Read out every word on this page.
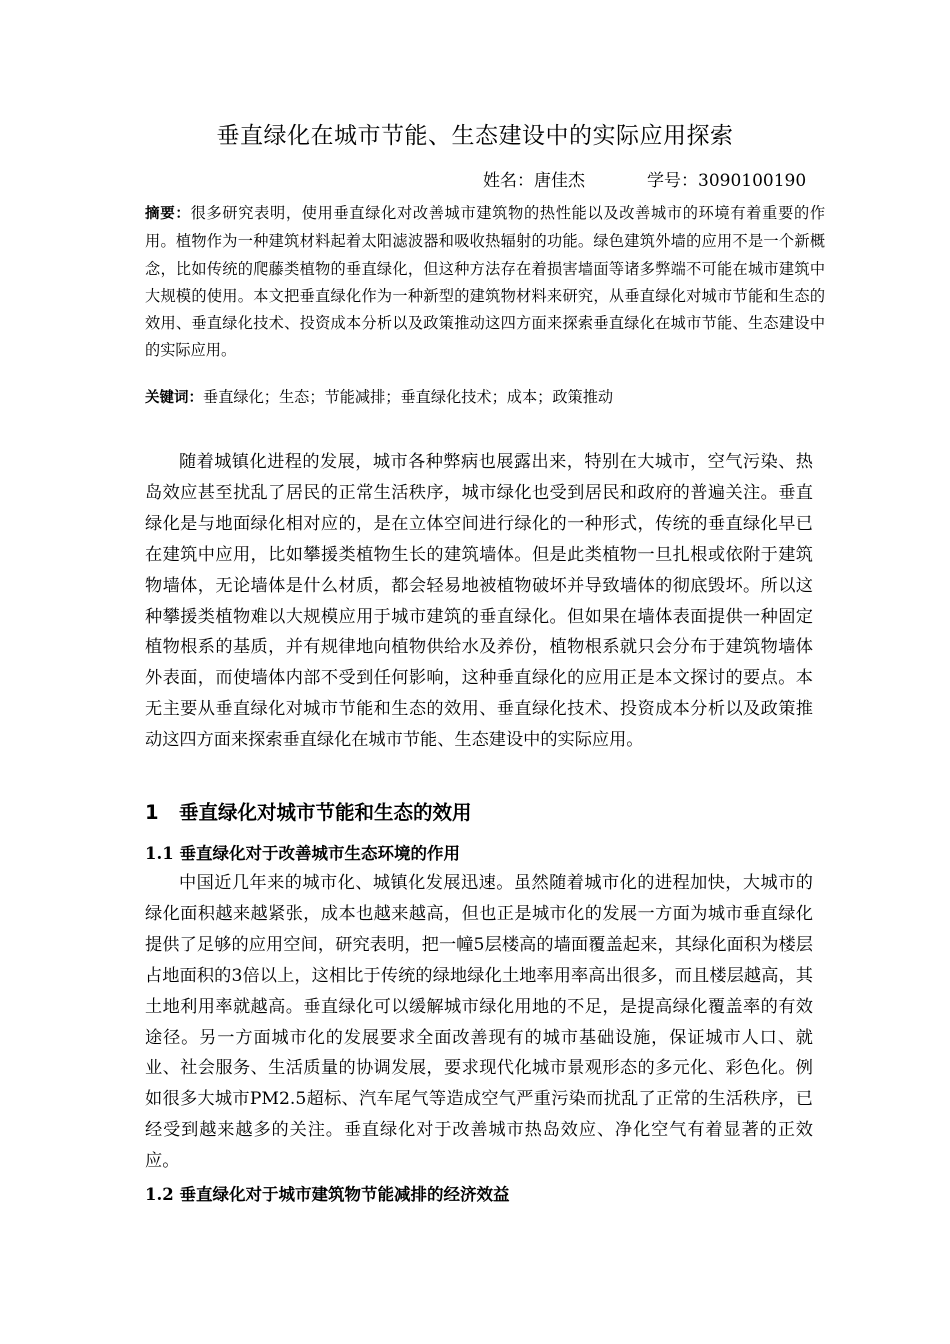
垂直绿化在城市节能、生态建设中的实际应用探索
姓名：唐佳杰	学号：3090100190

摘要：很多研究表明，使用垂直绿化对改善城市建筑物的热性能以及改善城市的环境有着重要的作用。植物作为一种建筑材料起着太阳滤波器和吸收热辐射的功能。绿色建筑外墙的应用不是一个新概念，比如传统的爬藤类植物的垂直绿化，但这种方法存在着损害墙面等诸多弊端不可能在城市建筑中大规模的使用。本文把垂直绿化作为一种新型的建筑物材料来研究，从垂直绿化对城市节能和生态的效用、垂直绿化技术、投资成本分析以及政策推动这四方面来探索垂直绿化在城市节能、生态建设中的实际应用。

关键词：垂直绿化；生态；节能减排；垂直绿化技术；成本；政策推动

随着城镇化进程的发展，城市各种弊病也展露出来，特别在大城市，空气污染、热岛效应甚至扰乱了居民的正常生活秩序，城市绿化也受到居民和政府的普遍关注。垂直绿化是与地面绿化相对应的，是在立体空间进行绿化的一种形式，传统的垂直绿化早已在建筑中应用，比如攀援类植物生长的建筑墙体。但是此类植物一旦扎根或依附于建筑物墙体，无论墙体是什么材质，都会轻易地被植物破坏并导致墙体的彻底毁坏。所以这种攀援类植物难以大规模应用于城市建筑的垂直绿化。但如果在墙体表面提供一种固定植物根系的基质，并有规律地向植物供给水及养份，植物根系就只会分布于建筑物墙体外表面，而使墙体内部不受到任何影响，这种垂直绿化的应用正是本文探讨的要点。本无主要从垂直绿化对城市节能和生态的效用、垂直绿化技术、投资成本分析以及政策推动这四方面来探索垂直绿化在城市节能、生态建设中的实际应用。

1 垂直绿化对城市节能和生态的效用
1.1 垂直绿化对于改善城市生态环境的作用

中国近几年来的城市化、城镇化发展迅速。虽然随着城市化的进程加快，大城市的绿化面积越来越紧张，成本也越来越高，但也正是城市化的发展一方面为城市垂直绿化提供了足够的应用空间，研究表明，把一幢5层楼高的墙面覆盖起来，其绿化面积为楼层占地面积的3倍以上，这相比于传统的绿地绿化土地率用率高出很多，而且楼层越高，其土地利用率就越高。垂直绿化可以缓解城市绿化用地的不足，是提高绿化覆盖率的有效途径。另一方面城市化的发展要求全面改善现有的城市基础设施，保证城市人口、就业、社会服务、生活质量的协调发展，要求现代化城市景观形态的多元化、彩色化。例如很多大城市PM2.5超标、汽车尾气等造成空气严重污染而扰乱了正常的生活秩序，已经受到越来越多的关注。垂直绿化对于改善城市热岛效应、净化空气有着显著的正效应。

1.2 垂直绿化对于城市建筑物节能减排的经济效益
